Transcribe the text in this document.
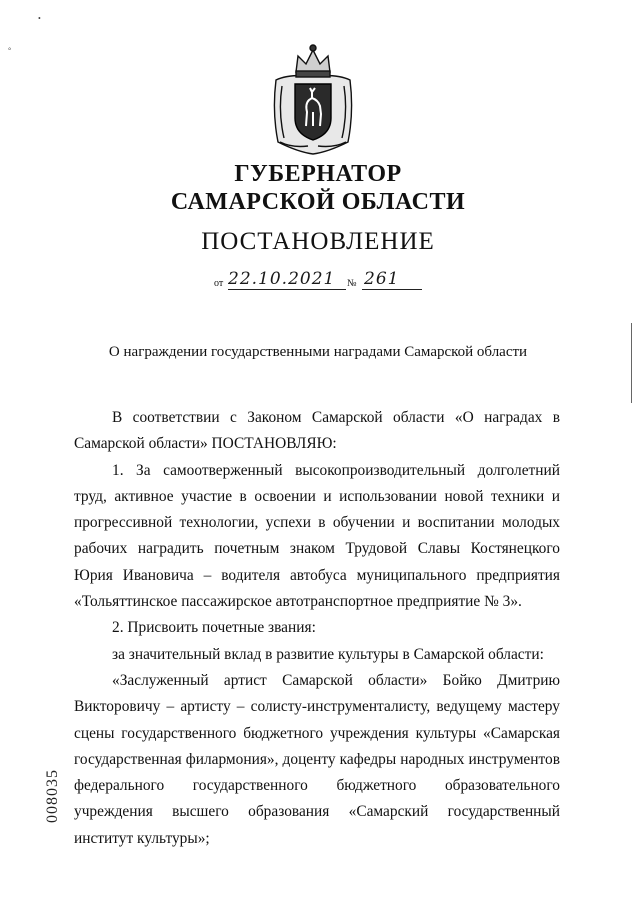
ГУБЕРНАТОР
САМАРСКОЙ ОБЛАСТИ
ПОСТАНОВЛЕНИЕ
от 22.10.2021 № 261
О награждении государственными наградами Самарской области

В соответствии с Законом Самарской области «О наградах в Самарской области» ПОСТАНОВЛЯЮ:

1. За самоотверженный высокопроизводительный долголетний труд, активное участие в освоении и использовании новой техники и прогрессивной технологии, успехи в обучении и воспитании молодых рабочих наградить почетным знаком Трудовой Славы Костянецкого Юрия Ивановича – водителя автобуса муниципального предприятия «Тольяттинское пассажирское автотранспортное предприятие № 3».

2. Присвоить почетные звания:

за значительный вклад в развитие культуры в Самарской области:

«Заслуженный артист Самарской области» Бойко Дмитрию Викторовичу – артисту – солисту-инструменталисту, ведущему мастеру сцены государственного бюджетного учреждения культуры «Самарская государственная филармония», доценту кафедры народных инструментов федерального государственного бюджетного образовательного учреждения высшего образования «Самарский государственный институт культуры»;

008035
•
°
